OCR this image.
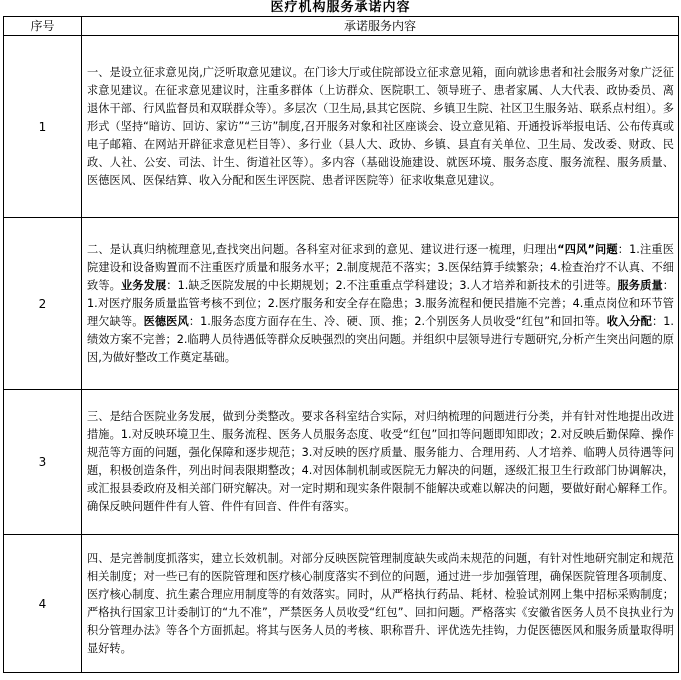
医疗机构服务承诺内容
序号	承诺服务内容
1	一、是设立征求意见岗,广泛听取意见建议。在门诊大厅或住院部设立征求意见箱，面向就诊患者和社会服务对象广泛征求意见建议。在征求意见建议时，注重多群体（上访群众、医院职工、领导班子、患者家属、人大代表、政协委员、离退休干部、行风监督员和双联群众等）。多层次（卫生局,县其它医院、乡镇卫生院、社区卫生服务站、联系点村组）。多形式（坚持“暗访、回访、家访”“三访”制度,召开服务对象和社区座谈会、设立意见箱、开通投诉举报电话、公布传真或电子邮箱、在网站开辟征求意见栏目等）、多行业（县人大、政协、乡镇、县直有关单位、卫生局、发改委、财政、民政、人社、公安、司法、计生、街道社区等）。多内容（基础设施建设、就医环境、服务态度、服务流程、服务质量、医德医风、医保结算、收入分配和医生评医院、患者评医院等）征求收集意见建议。
2	二、是认真归纳梳理意见,查找突出问题。各科室对征求到的意见、建议进行逐一梳理，归理出“四风”问题：1.注重医院建设和设备购置而不注重医疗质量和服务水平；2.制度规范不落实；3.医保结算手续繁杂；4.检查治疗不认真、不细致等。业务发展：1.缺乏医院发展的中长期规划；2.不注重重点学科建设；3.人才培养和新技术的引进等。服务质量：1.对医疗服务质量监管考核不到位；2.医疗服务和安全存在隐患；3.服务流程和便民措施不完善；4.重点岗位和环节管理欠缺等。医德医风：1.服务态度方面存在生、冷、硬、顶、推；2.个别医务人员收受“红包”和回扣等。收入分配：1.绩效方案不完善；2.临聘人员待遇低等群众反映强烈的突出问题。并组织中层领导进行专题研究,分析产生突出问题的原因,为做好整改工作奠定基础。
3	三、是结合医院业务发展，做到分类整改。要求各科室结合实际，对归纳梳理的问题进行分类，并有针对性地提出改进措施。1.对反映环境卫生、服务流程、医务人员服务态度、收受“红包”回扣等问题即知即改；2.对反映后勤保障、操作规范等方面的问题，强化保障和逐步规范；3.对反映的医疗质量、服务能力、合理用药、人才培养、临聘人员待遇等问题，积极创造条件，列出时间表限期整改；4.对因体制机制或医院无力解决的问题，逐级汇报卫生行政部门协调解决，或汇报县委政府及相关部门研究解决。对一定时期和现实条件限制不能解决或难以解决的问题，要做好耐心解释工作。确保反映问题件件有人管、件件有回音、件件有落实。
4	四、是完善制度抓落实，建立长效机制。对部分反映医院管理制度缺失或尚未规范的问题，有针对性地研究制定和规范相关制度；对一些已有的医院管理和医疗核心制度落实不到位的问题，通过进一步加强管理，确保医院管理各项制度、医疗核心制度、抗生素合理应用制度等的有效落实。同时，从严格执行药品、耗材、检验试剂网上集中招标采购制度；严格执行国家卫计委制订的“九不准”，严禁医务人员收受“红包”、回扣问题。严格落实《安徽省医务人员不良执业行为积分管理办法》等各个方面抓起。将其与医务人员的考核、职称晋升、评优选先挂钩，力促医德医风和服务质量取得明显好转。
